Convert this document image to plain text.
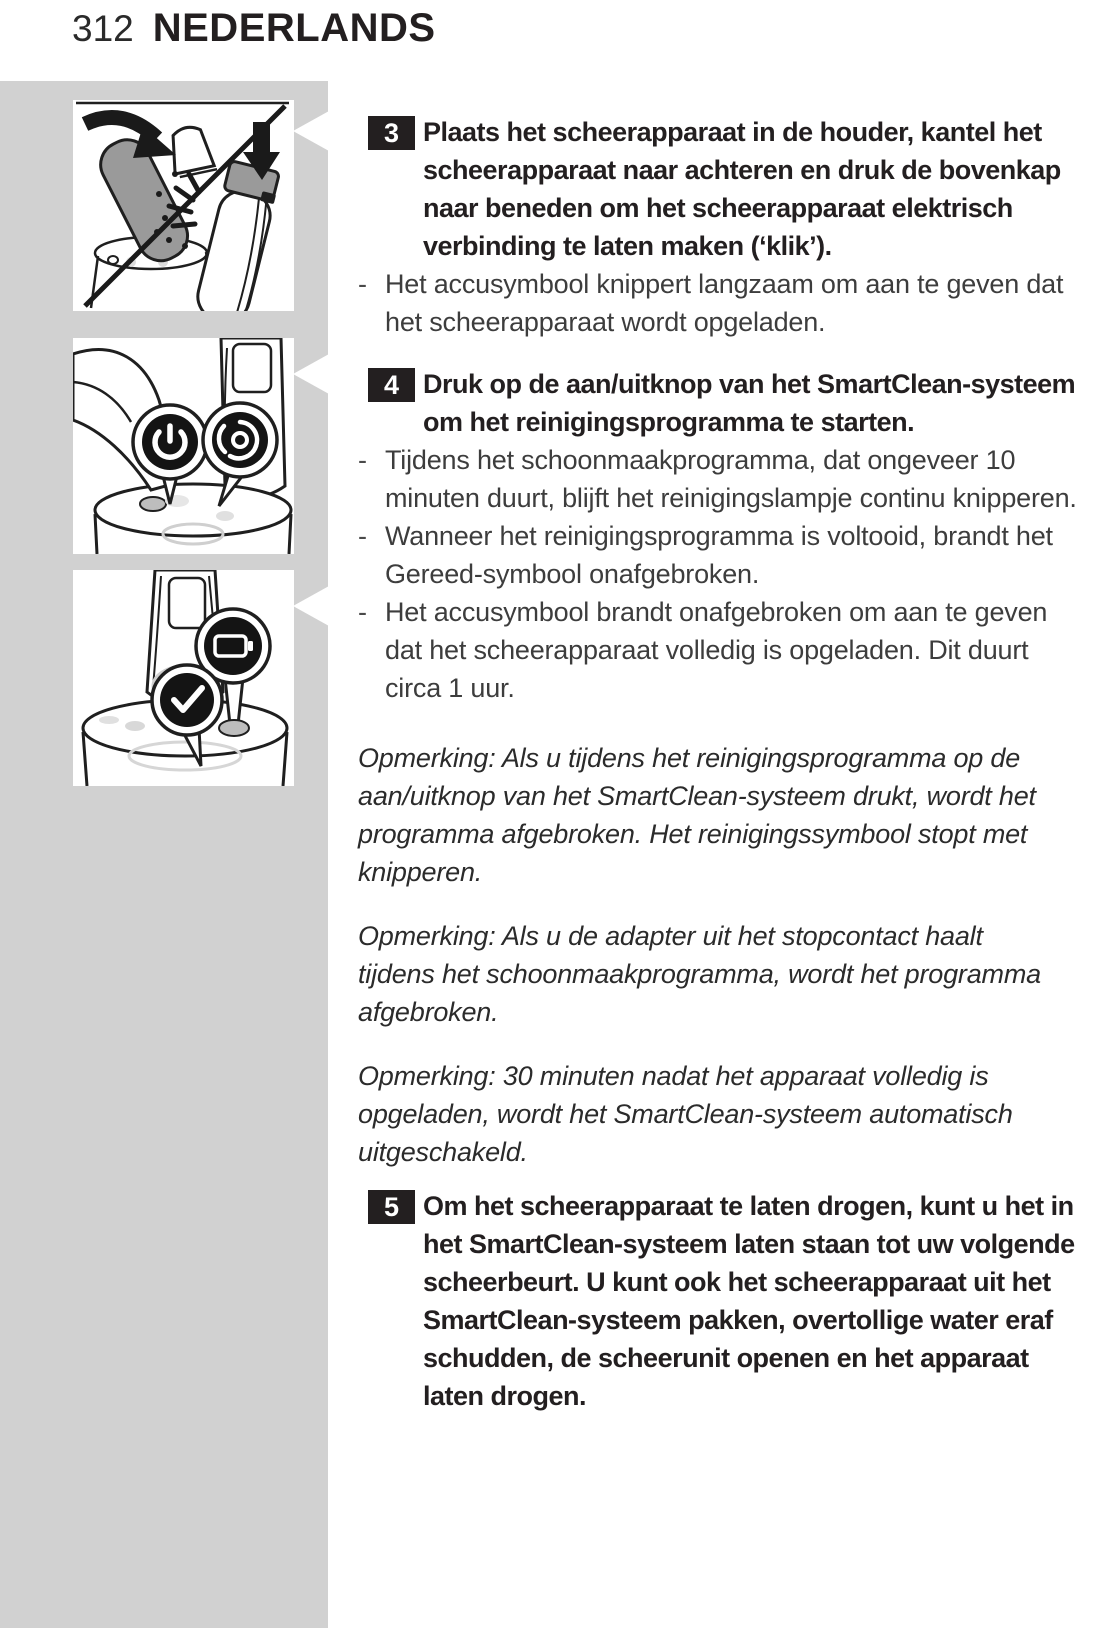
312 NEDERLANDS
3 Plaats het scheerapparaat in de houder, kantel het scheerapparaat naar achteren en druk de bovenkap naar beneden om het scheerapparaat elektrisch verbinding te laten maken (‘klik’).

- Het accusymbool knippert langzaam om aan te geven dat het scheerapparaat wordt opgeladen.

4 Druk op de aan/uitknop van het SmartClean-systeem om het reinigingsprogramma te starten.

- Tijdens het schoonmaakprogramma, dat ongeveer 10 minuten duurt, blijft het reinigingslampje continu knipperen.

- Wanneer het reinigingsprogramma is voltooid, brandt het Gereed-symbool onafgebroken.

- Het accusymbool brandt onafgebroken om aan te geven dat het scheerapparaat volledig is opgeladen. Dit duurt circa 1 uur.

Opmerking: Als u tijdens het reinigingsprogramma op de aan/uitknop van het SmartClean-systeem drukt, wordt het programma afgebroken. Het reinigingssymbool stopt met knipperen.

Opmerking: Als u de adapter uit het stopcontact haalt tijdens het schoonmaakprogramma, wordt het programma afgebroken.

Opmerking: 30 minuten nadat het apparaat volledig is opgeladen, wordt het SmartClean-systeem automatisch uitgeschakeld.

5 Om het scheerapparaat te laten drogen, kunt u het in het SmartClean-systeem laten staan tot uw volgende scheerbeurt. U kunt ook het scheerapparaat uit het SmartClean-systeem pakken, overtollige water eraf schudden, de scheerunit openen en het apparaat laten drogen.
